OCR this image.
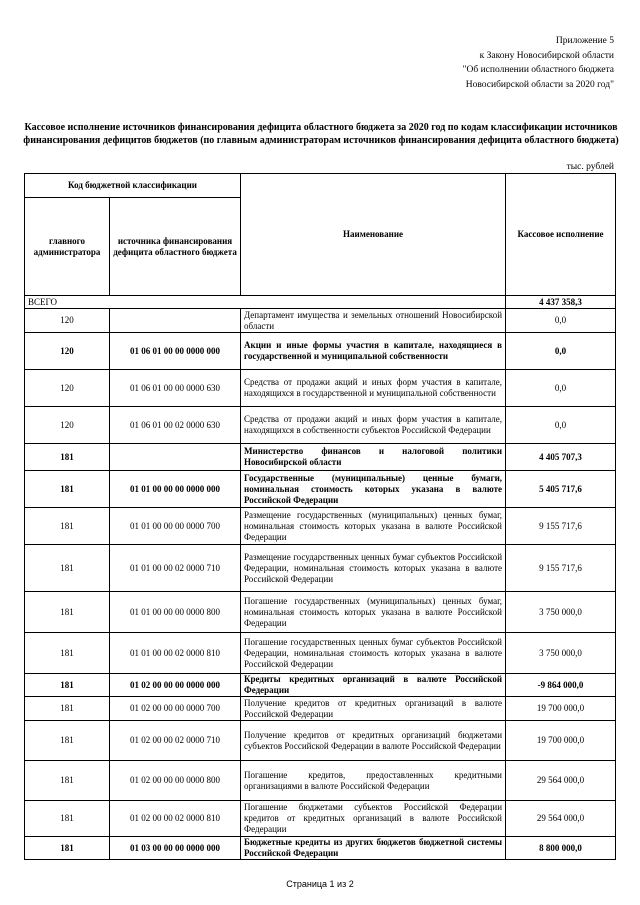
Приложение 5
к Закону Новосибирской области
"Об исполнении областного бюджета
Новосибирской области за 2020 год"
Кассовое исполнение источников финансирования дефицита областного бюджета за 2020 год по кодам классификации источников финансирования дефицитов бюджетов (по главным администраторам источников финансирования дефицита областного бюджета)
тыс. рублей
Код бюджетной классификации		Наименование	Кассовое исполнение
главного администратора	источника финансирования дефицита областного бюджета		
ВСЕГО			4 437 358,3
120		Департамент имущества и земельных отношений Новосибирской области	0,0
120	01 06 01 00 00 0000 000	Акции и иные формы участия в капитале, находящиеся в государственной и муниципальной собственности	0,0
120	01 06 01 00 00 0000 630	Средства от продажи акций и иных форм участия в капитале, находящихся в государственной и муниципальной собственности	0,0
120	01 06 01 00 02 0000 630	Средства от продажи акций и иных форм участия в капитале, находящихся в собственности субъектов Российской Федерации	0,0
181		Министерство финансов и налоговой политики Новосибирской области	4 405 707,3
181	01 01 00 00 00 0000 000	Государственные (муниципальные) ценные бумаги, номинальная стоимость которых указана в валюте Российской Федерации	5 405 717,6
181	01 01 00 00 00 0000 700	Размещение государственных (муниципальных) ценных бумаг, номинальная стоимость которых указана в валюте Российской Федерации	9 155 717,6
181	01 01 00 00 02 0000 710	Размещение государственных ценных бумаг субъектов Российской Федерации, номинальная стоимость которых указана в валюте Российской Федерации	9 155 717,6
181	01 01 00 00 00 0000 800	Погашение государственных (муниципальных) ценных бумаг, номинальная стоимость которых указана в валюте Российской Федерации	3 750 000,0
181	01 01 00 00 02 0000 810	Погашение государственных ценных бумаг субъектов Российской Федерации, номинальная стоимость которых указана в валюте Российской Федерации	3 750 000,0
181	01 02 00 00 00 0000 000	Кредиты кредитных организаций в валюте Российской Федерации	-9 864 000,0
181	01 02 00 00 00 0000 700	Получение кредитов от кредитных организаций в валюте Российской Федерации	19 700 000,0
181	01 02 00 00 02 0000 710	Получение кредитов от кредитных организаций бюджетами субъектов Российской Федерации в валюте Российской Федерации	19 700 000,0
181	01 02 00 00 00 0000 800	Погашение кредитов, предоставленных кредитными организациями в валюте Российской Федерации	29 564 000,0
181	01 02 00 00 02 0000 810	Погашение бюджетами субъектов Российской Федерации кредитов от кредитных организаций в валюте Российской Федерации	29 564 000,0
181	01 03 00 00 00 0000 000	Бюджетные кредиты из других бюджетов бюджетной системы Российской Федерации	8 800 000,0
Страница 1 из 2
